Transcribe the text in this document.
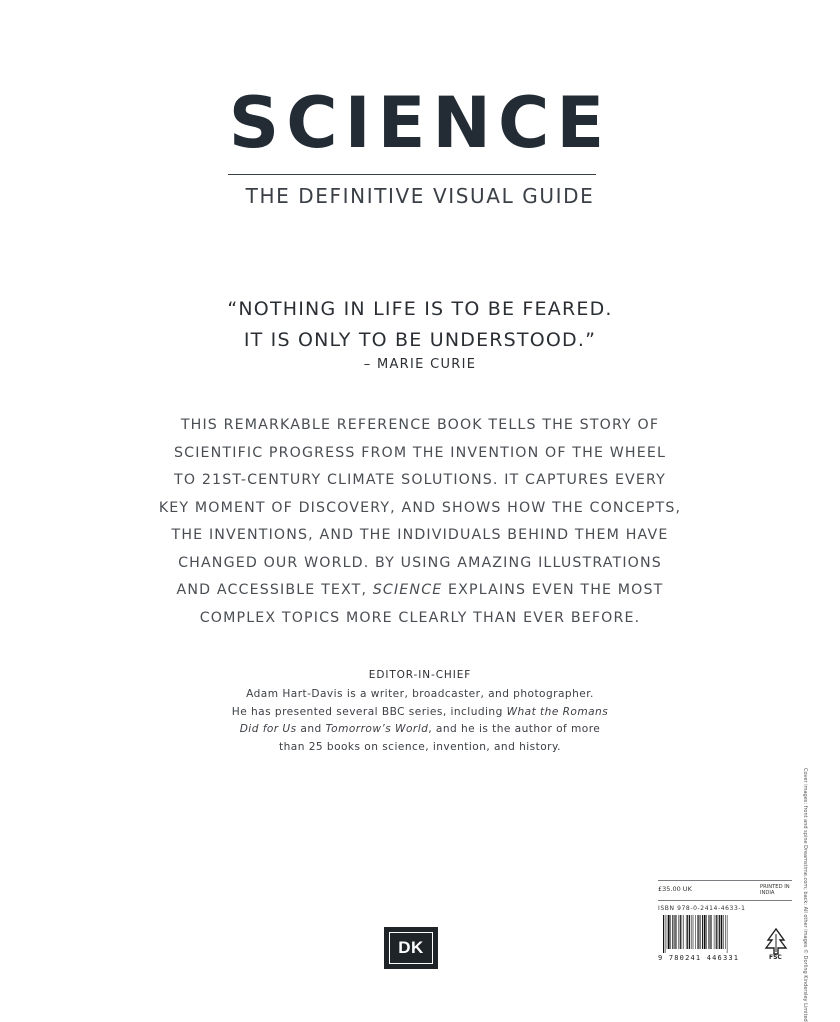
SCIENCE
THE DEFINITIVE VISUAL GUIDE
“NOTHING IN LIFE IS TO BE FEARED.
IT IS ONLY TO BE UNDERSTOOD.”
– MARIE CURIE
THIS REMARKABLE REFERENCE BOOK TELLS THE STORY OF
SCIENTIFIC PROGRESS FROM THE INVENTION OF THE WHEEL
TO 21ST-CENTURY CLIMATE SOLUTIONS. IT CAPTURES EVERY
KEY MOMENT OF DISCOVERY, AND SHOWS HOW THE CONCEPTS,
THE INVENTIONS, AND THE INDIVIDUALS BEHIND THEM HAVE
CHANGED OUR WORLD. BY USING AMAZING ILLUSTRATIONS
AND ACCESSIBLE TEXT, SCIENCE EXPLAINS EVEN THE MOST
COMPLEX TOPICS MORE CLEARLY THAN EVER BEFORE.
EDITOR-IN-CHIEF
Adam Hart-Davis is a writer, broadcaster, and photographer.
He has presented several BBC series, including What the Romans
Did for Us and Tomorrow’s World, and he is the author of more
than 25 books on science, invention, and history.
DK
£35.00 UK	PRINTED IN
INDIA
ISBN 978-0-2414-4633-1
9 780241 446331	FSC	Cover images: front and spine Dreamstime.com; back: All other images © Dorling Kindersley Limited
